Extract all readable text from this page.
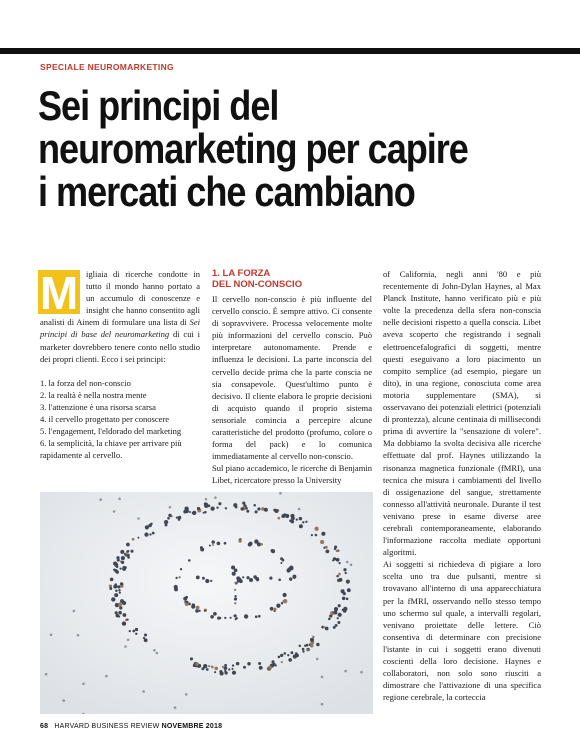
SPECIALE NEUROMARKETING
Sei principi del
neuromarketing per capire
i mercati che cambiano
M igliaia di ricerche condotte in tutto il mondo hanno portato a un accumulo di conoscenze e insight che hanno consentito agli analisti di Ainem di formulare una lista di Sei principi di base del neuromarketing di cui i marketer dovrebbero tenere conto nello studio dei propri clienti. Ecco i sei principi:

1. la forza del non-conscio
2. la realtà è nella nostra mente
3. l'attenzione è una risorsa scarsa
4. il cervello progettato per conoscere
5. l'engagement, l'eldorado del marketing
6. la semplicità, la chiave per arrivare più rapidamente al cervello.
1. LA FORZA
DEL NON-CONSCIO

Il cervello non-conscio è più influente del cervello conscio. È sempre attivo. Ci consente di sopravvivere. Processa velocemente molte più informazioni del cervello conscio. Può interpretare autonomamente. Prende e influenza le decisioni. La parte inconscia del cervello decide prima che la parte conscia ne sia consapevole. Quest'ultimo punto è decisivo. Il cliente elabora le proprie decisioni di acquisto quando il proprio sistema sensoriale comincia a percepire alcune caratteristiche del prodotto (profumo, colore o forma del pack) e lo comunica immediatamente al cervello non-conscio.

Sul piano accademico, le ricerche di Benjamin Libet, ricercatore presso la University

of California, negli anni '80 e più recentemente di John-Dylan Haynes, al Max Planck Institute, hanno verificato più e più volte la precedenza della sfera non-conscia nelle decisioni rispetto a quella conscia. Libet aveva scoperto che registrando i segnali elettroencefalografici di soggetti, mentre questi eseguivano a loro piacimento un compito semplice (ad esempio, piegare un dito), in una regione, conosciuta come area motoria supplementare (SMA), si osservavano dei potenziali elettrici (potenziali di prontezza), alcune centinaia di millisecondi prima di avvertire la "sensazione di volere". Ma dobbiamo la svolta decisiva alle ricerche effettuate dal prof. Haynes utilizzando la risonanza magnetica funzionale (fMRI), una tecnica che misura i cambiamenti del livello di ossigenazione del sangue, strettamente connesso all'attività neuronale. Durante il test venivano prese in esame diverse aree cerebrali contemporaneamente, elaborando l'informazione raccolta mediate opportuni algoritmi.

Ai soggetti si richiedeva di pigiare a loro scelta uno tra due pulsanti, mentre si trovavano all'interno di una apparecchiatura per la fMRI, osservando nello stesso tempo uno schermo sul quale, a intervalli regolari, venivano proiettate delle lettere. Ciò consentiva di determinare con precisione l'istante in cui i soggetti erano divenuti coscienti della loro decisione. Haynes e collaboratori, non solo sono riusciti a dimostrare che l'attivazione di una specifica regione cerebrale, la corteccia

68 HARVARD BUSINESS REVIEW NOVEMBRE 2018
